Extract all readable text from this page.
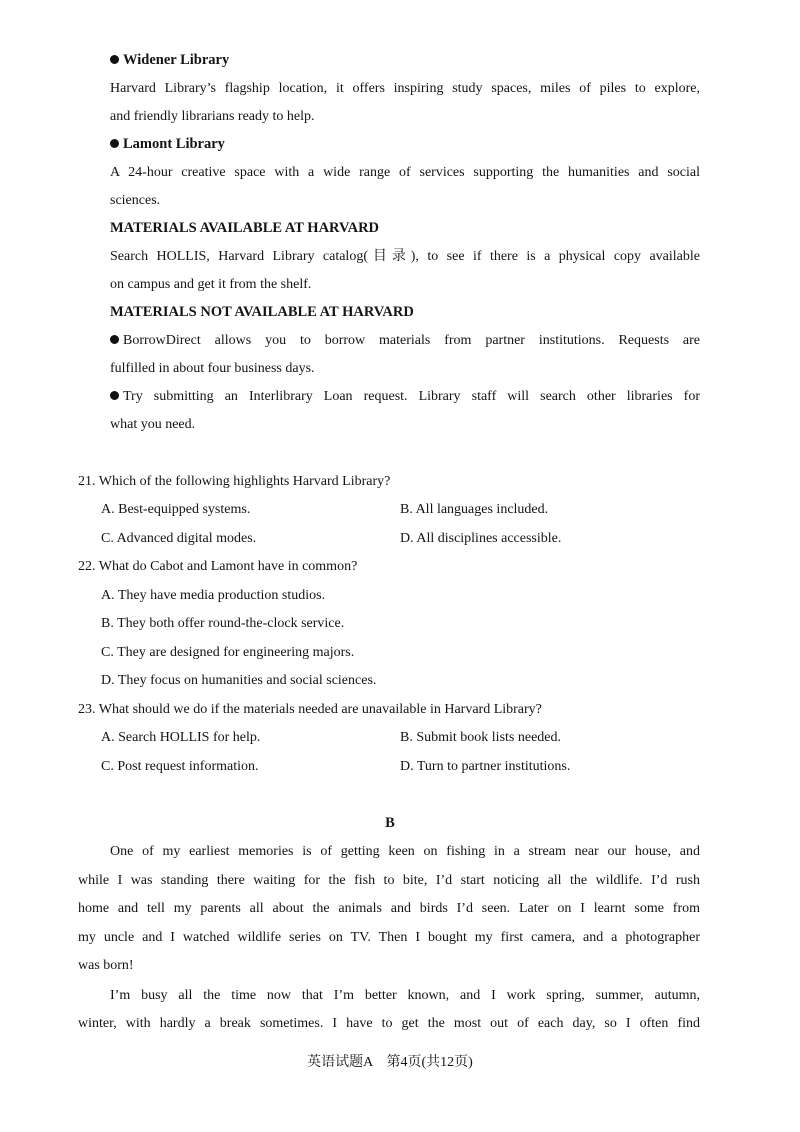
Widener Library
Harvard Library’s flagship location, it offers inspiring study spaces, miles of piles to explore,
and friendly librarians ready to help.
Lamont Library
A 24-hour creative space with a wide range of services supporting the humanities and social
sciences.
MATERIALS AVAILABLE AT HARVARD
Search HOLLIS, Harvard Library catalog(目录), to see if there is a physical copy available
on campus and get it from the shelf.
MATERIALS NOT AVAILABLE AT HARVARD
BorrowDirect allows you to borrow materials from partner institutions. Requests are
fulfilled in about four business days.
Try submitting an Interlibrary Loan request. Library staff will search other libraries for
what you need.
21. Which of the following highlights Harvard Library?
A. Best-equipped systems.	B. All languages included.
C. Advanced digital modes.	D. All disciplines accessible.
22. What do Cabot and Lamont have in common?
A. They have media production studios.
B. They both offer round-the-clock service.
C. They are designed for engineering majors.
D. They focus on humanities and social sciences.
23. What should we do if the materials needed are unavailable in Harvard Library?
A. Search HOLLIS for help.	B. Submit book lists needed.
C. Post request information.	D. Turn to partner institutions.
B
One of my earliest memories is of getting keen on fishing in a stream near our house, and
while I was standing there waiting for the fish to bite, I’d start noticing all the wildlife. I’d rush
home and tell my parents all about the animals and birds I’d seen. Later on I learnt some from
my uncle and I watched wildlife series on TV. Then I bought my first camera, and a photographer
was born!
I’m busy all the time now that I’m better known, and I work spring, summer, autumn,
winter, with hardly a break sometimes. I have to get the most out of each day, so I often find
英语试题A　第4页(共12页)
